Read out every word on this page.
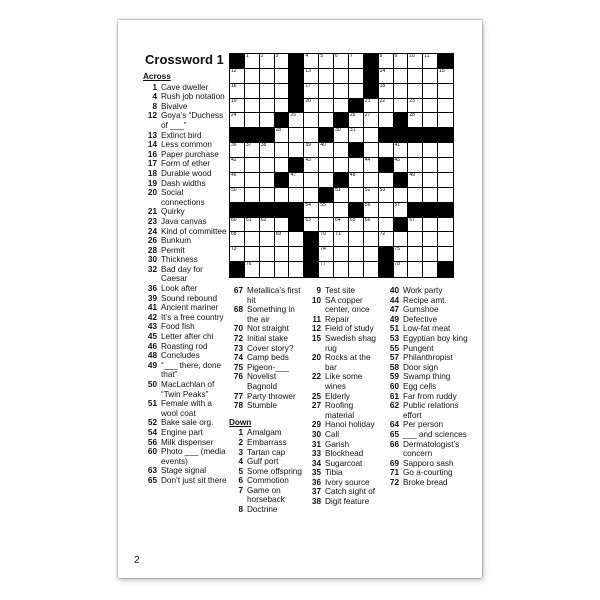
Crossword 1	1 2 3	4 5 6 7	8 9 10 11
12	13	14	15
16	17	18
19	20	21 22	23
24	25	26 27	28
28	30 31
36 37 38	39 40	41
42	43	44	45
46	47	48	49
50	51	52 53
54 55	56	57
60 61 62	63	64 65 66	67
68	69	70 71	72
73	74	75
76	77	78
Across
1 Cave dweller
4 Rush job notation
8 Bivalve
12 Goya’s “Duchess of ___”
13 Extinct bird
14 Less common
16 Paper purchase
17 Form of ether
18 Durable wood
19 Dash widths
20 Social connections
21 Quirky
23 Java canvas
24 Kind of committee
26 Bunkum
28 Permit
30 Thickness
32 Bad day for Caesar
36 Look after
39 Sound rebound
41 Ancient mariner
42 It’s a free country
43 Food fish
45 Letter after chi
46 Roasting rod
48 Concludes
49 “___ there, done that”
50 MacLachlan of “Twin Peaks”
51 Female with a wool coat
52 Bake sale org.
54 Engine part
56 Milk dispenser
60 Photo ___ (media events)
63 Stage signal
65 Don’t just sit there
67 Metallica’s first hit
68 Something in the air
70 Not straight
72 Initial stake
73 Cover story?
74 Camp beds
75 Pigeon-___
76 Novelist Bagnold
77 Party thrower
78 Stumble
Down
1 Amalgam
2 Embarrass
3 Tartan cap
4 Gulf port
5 Some offspring
6 Commotion
7 Game on horseback
8 Doctrine
9 Test site
10 SA copper center, once
11 Repair
12 Field of study
15 Swedish shag rug
20 Rocks at the bar
22 Like some wines
25 Elderly
27 Roofing material
29 Hanoi holiday
30 Call
31 Garish
33 Blockhead
34 Sugarcoat
35 Tibia
36 Ivory source
37 Catch sight of
38 Digit feature
40 Work party
44 Recipe amt.
47 Gumshoe
49 Defective
51 Low-fat meat
53 Egyptian boy king
55 Pungent
57 Philanthropist
58 Door sign
59 Swamp thing
60 Egg cells
61 Far from ruddy
62 Public relations effort
64 Per person
65 ___ and sciences
66 Dermatologist’s concern
69 Sapporo sash
71 Go a-courting
72 Broke bread
2
